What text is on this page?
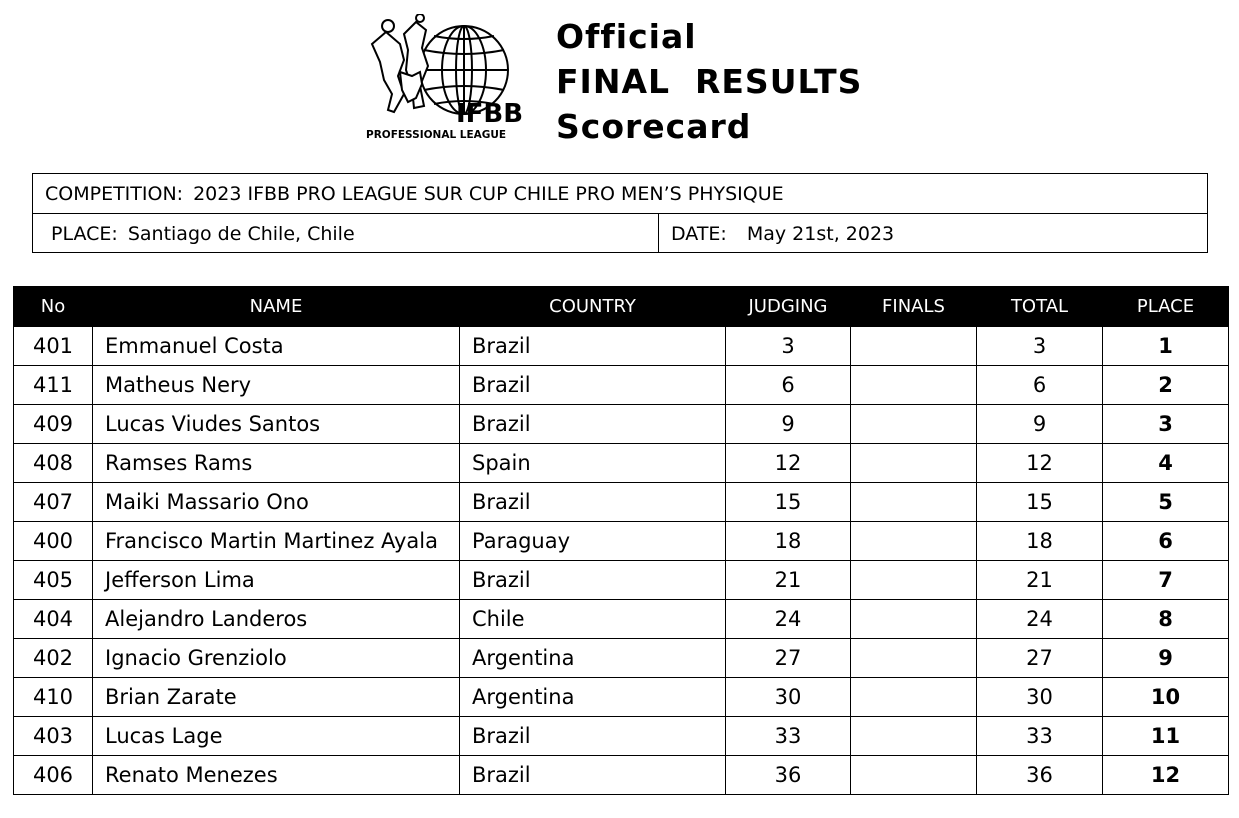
IFBB
PROFESSIONAL LEAGUE
Official
FINAL  RESULTS
Scorecard
COMPETITION: 2023 IFBB PRO LEAGUE SUR CUP CHILE PRO MEN’S PHYSIQUE
PLACE: Santiago de Chile, Chile	DATE: May 21st, 2023
No	NAME	COUNTRY	JUDGING	FINALS	TOTAL	PLACE
401	Emmanuel Costa	Brazil	3		3	1
411	Matheus Nery	Brazil	6		6	2
409	Lucas Viudes Santos	Brazil	9		9	3
408	Ramses Rams	Spain	12		12	4
407	Maiki Massario Ono	Brazil	15		15	5
400	Francisco Martin Martinez Ayala	Paraguay	18		18	6
405	Jefferson Lima	Brazil	21		21	7
404	Alejandro Landeros	Chile	24		24	8
402	Ignacio Grenziolo	Argentina	27		27	9
410	Brian Zarate	Argentina	30		30	10
403	Lucas Lage	Brazil	33		33	11
406	Renato Menezes	Brazil	36		36	12
